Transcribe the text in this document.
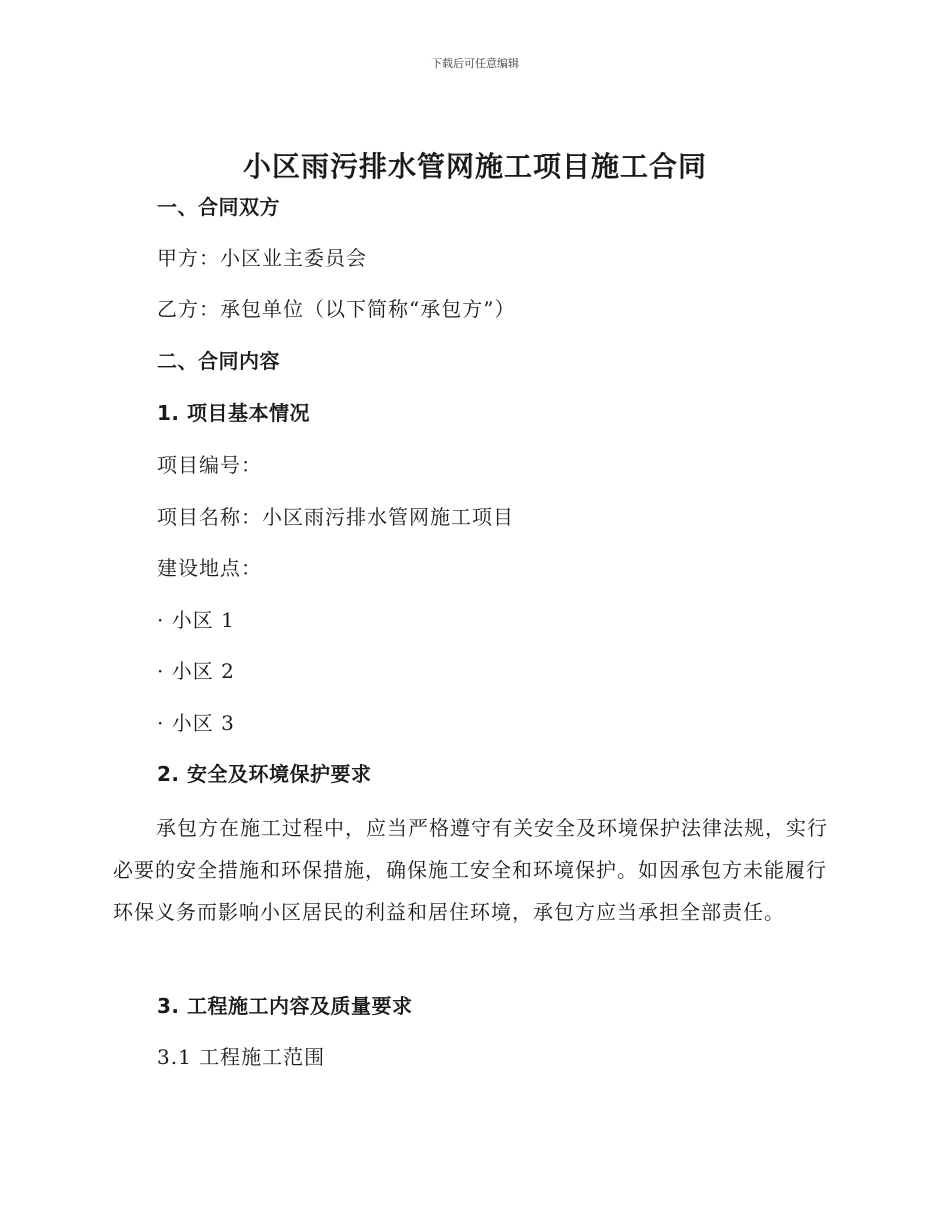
下载后可任意编辑
小区雨污排水管网施工项目施工合同
一、合同双方
甲方：小区业主委员会
乙方：承包单位（以下简称“承包方”）
二、合同内容
1. 项目基本情况
项目编号：
项目名称：小区雨污排水管网施工项目
建设地点：
· 小区 1
· 小区 2
· 小区 3
2. 安全及环境保护要求

承包方在施工过程中，应当严格遵守有关安全及环境保护法律法规，实行必要的安全措施和环保措施，确保施工安全和环境保护。如因承包方未能履行环保义务而影响小区居民的利益和居住环境，承包方应当承担全部责任。

3. 工程施工内容及质量要求
3.1 工程施工范围
